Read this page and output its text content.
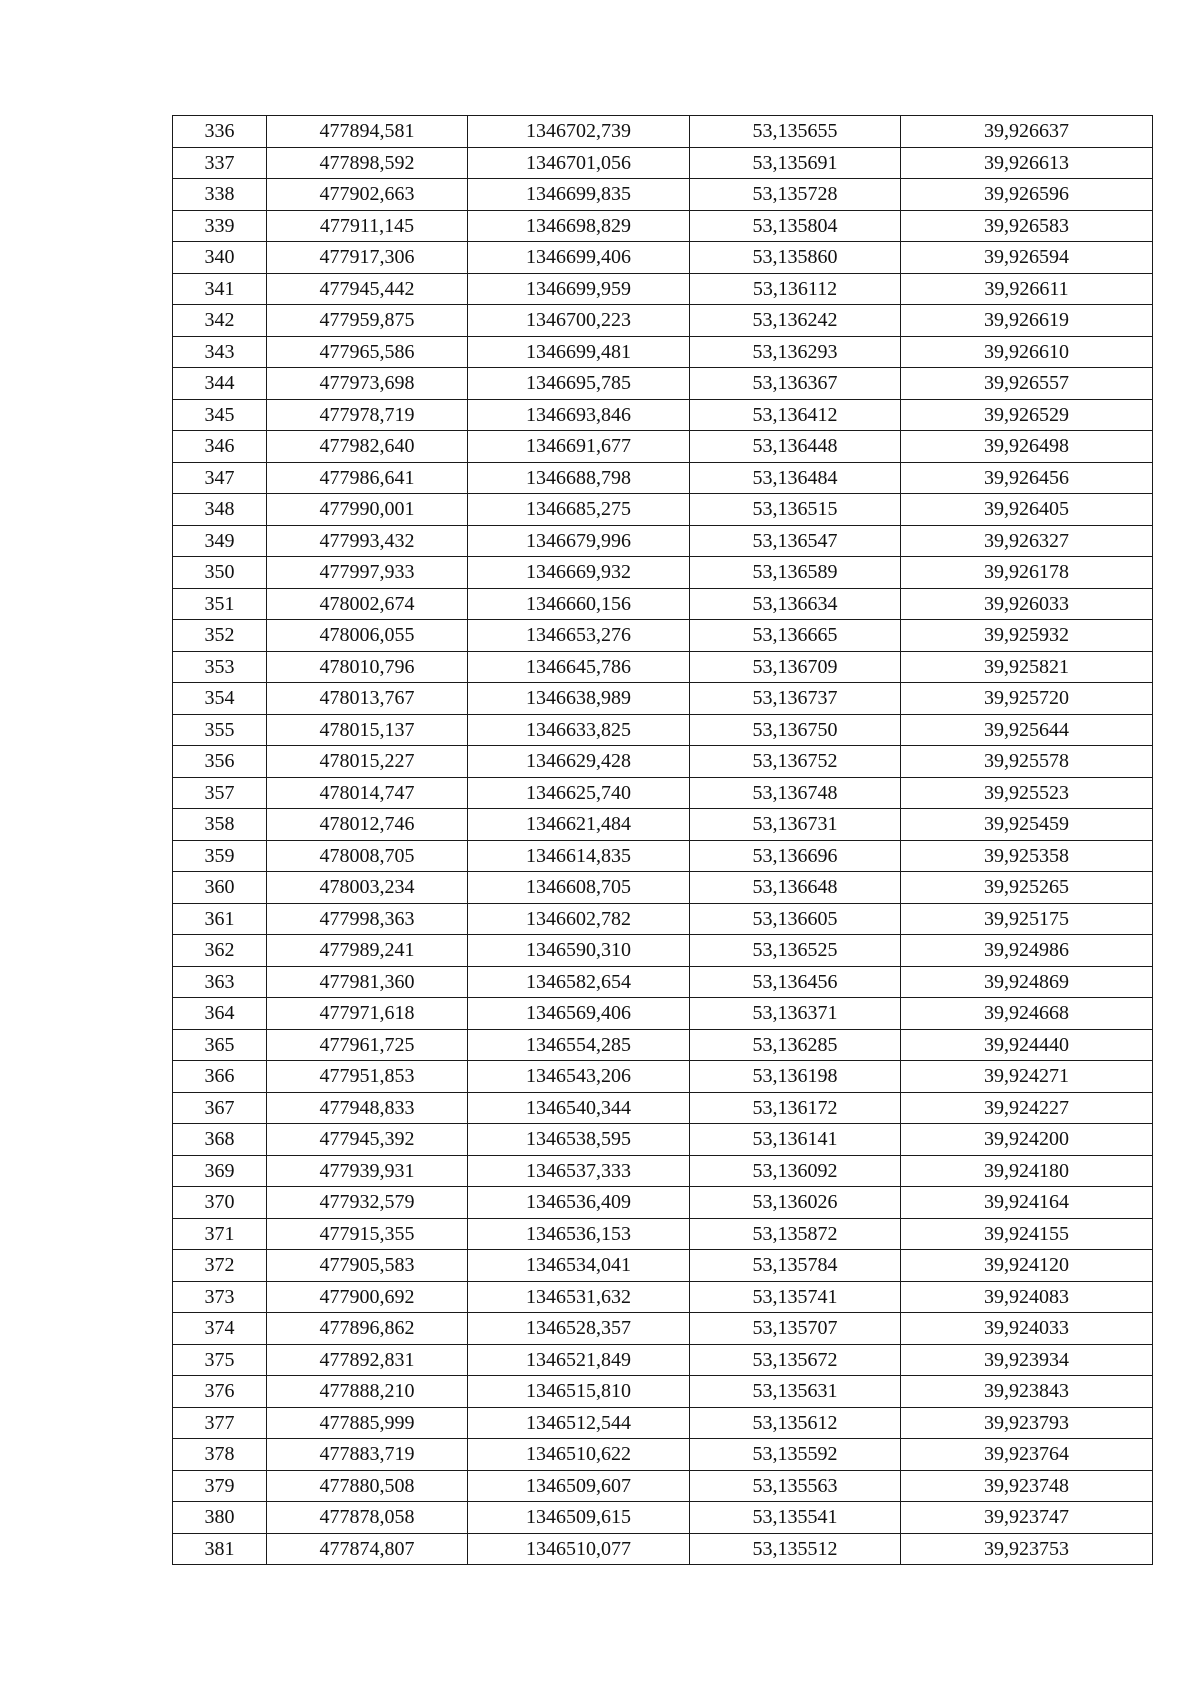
336	477894,581	1346702,739	53,135655	39,926637
337	477898,592	1346701,056	53,135691	39,926613
338	477902,663	1346699,835	53,135728	39,926596
339	477911,145	1346698,829	53,135804	39,926583
340	477917,306	1346699,406	53,135860	39,926594
341	477945,442	1346699,959	53,136112	39,926611
342	477959,875	1346700,223	53,136242	39,926619
343	477965,586	1346699,481	53,136293	39,926610
344	477973,698	1346695,785	53,136367	39,926557
345	477978,719	1346693,846	53,136412	39,926529
346	477982,640	1346691,677	53,136448	39,926498
347	477986,641	1346688,798	53,136484	39,926456
348	477990,001	1346685,275	53,136515	39,926405
349	477993,432	1346679,996	53,136547	39,926327
350	477997,933	1346669,932	53,136589	39,926178
351	478002,674	1346660,156	53,136634	39,926033
352	478006,055	1346653,276	53,136665	39,925932
353	478010,796	1346645,786	53,136709	39,925821
354	478013,767	1346638,989	53,136737	39,925720
355	478015,137	1346633,825	53,136750	39,925644
356	478015,227	1346629,428	53,136752	39,925578
357	478014,747	1346625,740	53,136748	39,925523
358	478012,746	1346621,484	53,136731	39,925459
359	478008,705	1346614,835	53,136696	39,925358
360	478003,234	1346608,705	53,136648	39,925265
361	477998,363	1346602,782	53,136605	39,925175
362	477989,241	1346590,310	53,136525	39,924986
363	477981,360	1346582,654	53,136456	39,924869
364	477971,618	1346569,406	53,136371	39,924668
365	477961,725	1346554,285	53,136285	39,924440
366	477951,853	1346543,206	53,136198	39,924271
367	477948,833	1346540,344	53,136172	39,924227
368	477945,392	1346538,595	53,136141	39,924200
369	477939,931	1346537,333	53,136092	39,924180
370	477932,579	1346536,409	53,136026	39,924164
371	477915,355	1346536,153	53,135872	39,924155
372	477905,583	1346534,041	53,135784	39,924120
373	477900,692	1346531,632	53,135741	39,924083
374	477896,862	1346528,357	53,135707	39,924033
375	477892,831	1346521,849	53,135672	39,923934
376	477888,210	1346515,810	53,135631	39,923843
377	477885,999	1346512,544	53,135612	39,923793
378	477883,719	1346510,622	53,135592	39,923764
379	477880,508	1346509,607	53,135563	39,923748
380	477878,058	1346509,615	53,135541	39,923747
381	477874,807	1346510,077	53,135512	39,923753
